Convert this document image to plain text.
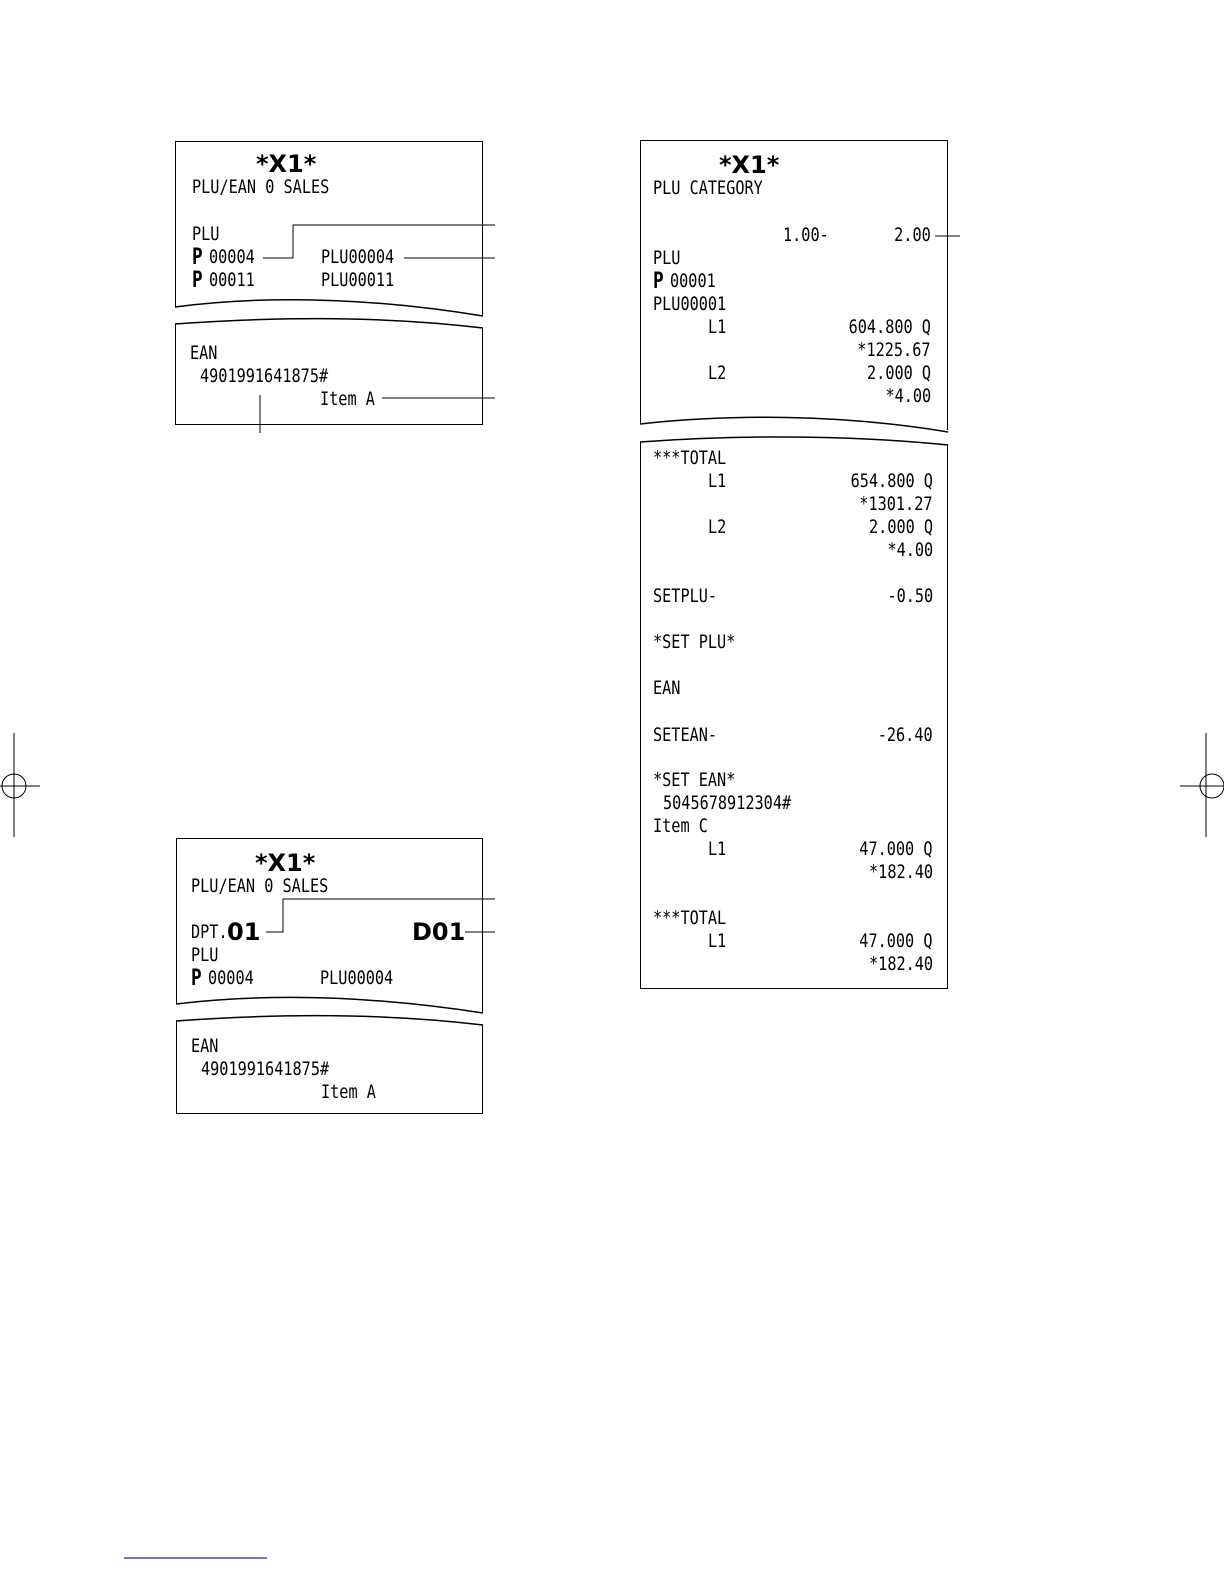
*X1*
PLU/EAN 0 SALES
PLU
P 00004	PLU00004
P 00011	PLU00011
EAN
4901991641875#
Item A
*X1*
PLU/EAN 0 SALES
DPT. 01	D01
PLU
P 00004	PLU00004
EAN
4901991641875#
Item A
*X1*
PLU CATEGORY
1.00-	2.00
PLU
P 00001
PLU00001
L1	604.800 Q
*1225.67
L2	2.000 Q
*4.00
***TOTAL
L1	654.800 Q
*1301.27
L2	2.000 Q
*4.00
SETPLU-	-0.50
*SET PLU*
EAN
SETEAN-	-26.40
*SET EAN*
5045678912304#
Item C
L1	47.000 Q
*182.40
***TOTAL
L1	47.000 Q
*182.40
